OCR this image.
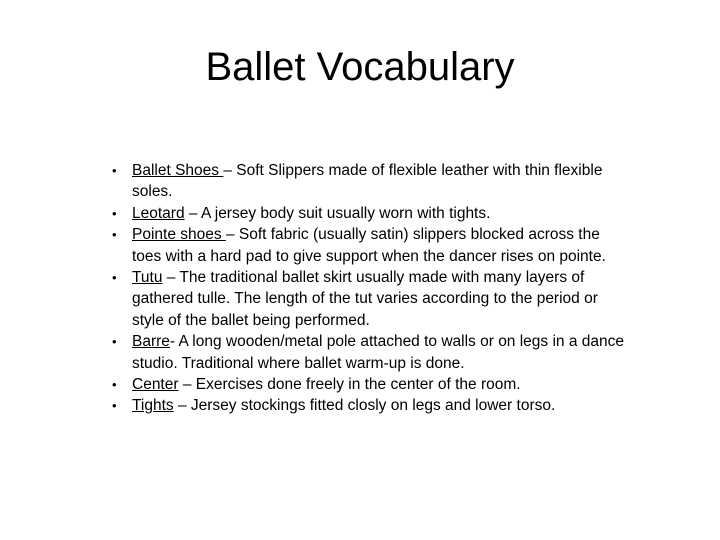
Ballet Vocabulary
• Ballet Shoes – Soft Slippers made of flexible leather with thin flexible soles.
• Leotard – A jersey body suit usually worn with tights.
• Pointe shoes – Soft fabric (usually satin) slippers blocked across the toes with a hard pad to give support when the dancer rises on pointe.
• Tutu – The traditional ballet skirt usually made with many layers of gathered tulle. The length of the tut varies according to the period or style of the ballet being performed.
• Barre- A long wooden/metal pole attached to walls or on legs in a dance studio. Traditional where ballet warm-up is done.
• Center – Exercises done freely in the center of the room.
• Tights – Jersey stockings fitted closly on legs and lower torso.
